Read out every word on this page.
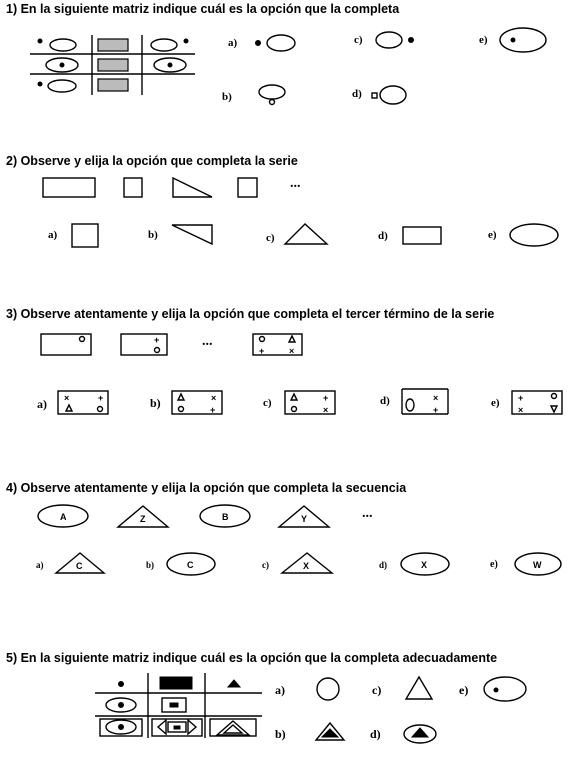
1) En la siguiente matriz indique cuál es la opción que la completa
a)
b)
c)
d)
e)
2) Observe y elija la opción que completa la serie
...
a)	b)	c)	d)	e)
3) Observe atentamente y elija la opción que completa el tercer término de la serie
+
+	×
...
a)	b)	c)	d)	e)
×	+	×
+
+
×
×
+
+
×
4) Observe atentamente y elija la opción que completa la secuencia
A	Z	B	Y	...
a)	b)	c)	d)	e)
C	C	X	X	W
5) En la siguiente matriz indique cuál es la opción que la completa adecuadamente
a)
b)
c)
d)
e)
